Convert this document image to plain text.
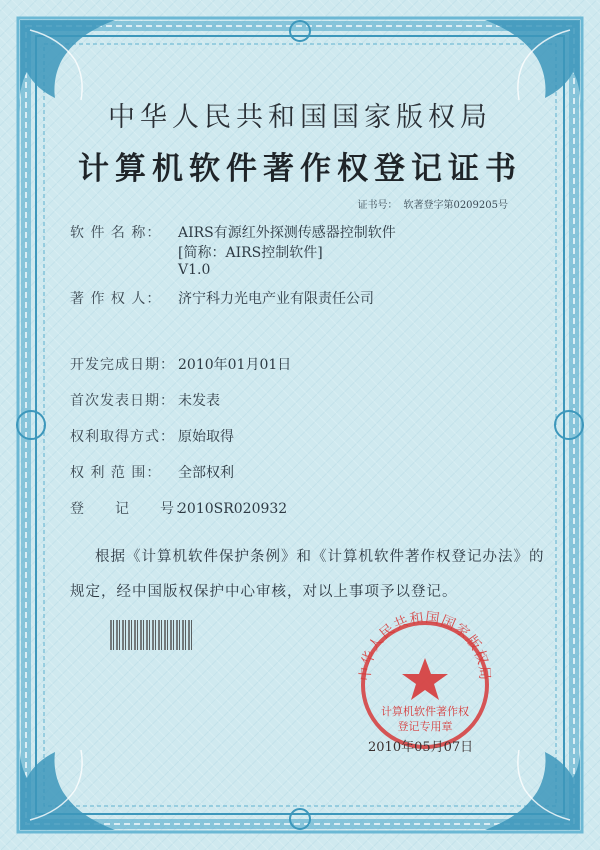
中华人民共和国国家版权局
计算机软件著作权登记证书
证书号： 软著登字第0209205号
软 件 名 称： AIRS有源红外探测传感器控制软件
[简称：AIRS控制软件]
V1.0
著 作 权 人： 济宁科力光电产业有限责任公司
开发完成日期： 2010年01月01日
首次发表日期： 未发表
权利取得方式： 原始取得
权 利 范 围： 全部权利
登　　记　　号：2010SR020932
根据《计算机软件保护条例》和《计算机软件著作权登记办法》的
规定，经中国版权保护中心审核，对以上事项予以登记。
中华人民共和国国家版权局
计算机软件著作权
登记专用章
2010年05月07日
